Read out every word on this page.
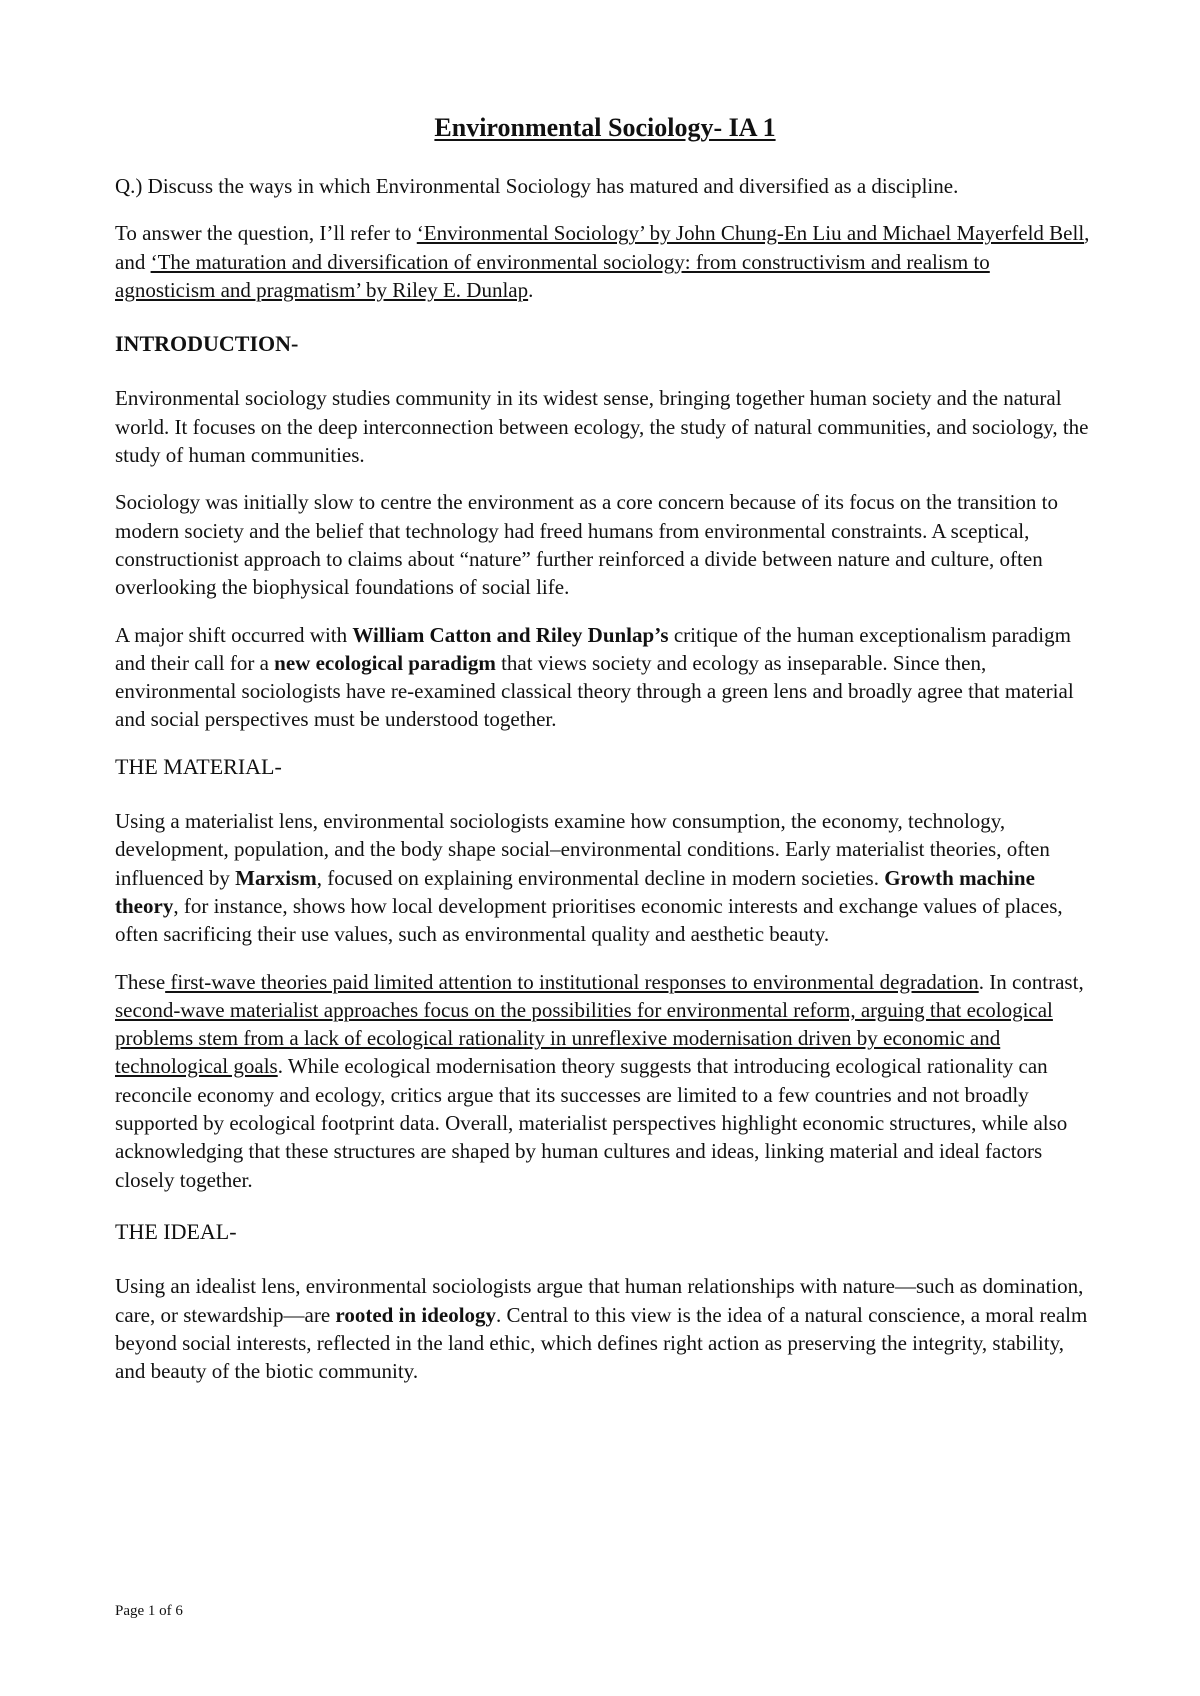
Environmental Sociology- IA 1

Q.) Discuss the ways in which Environmental Sociology has matured and diversified as a discipline.

To answer the question, I’ll refer to ‘Environmental Sociology’ by John Chung-En Liu and Michael Mayerfeld Bell, and ‘The maturation and diversification of environmental sociology: from constructivism and realism to agnosticism and pragmatism’ by Riley E. Dunlap.

INTRODUCTION-

Environmental sociology studies community in its widest sense, bringing together human society and the natural world. It focuses on the deep interconnection between ecology, the study of natural communities, and sociology, the study of human communities.

Sociology was initially slow to centre the environment as a core concern because of its focus on the transition to modern society and the belief that technology had freed humans from environmental constraints. A sceptical, constructionist approach to claims about “nature” further reinforced a divide between nature and culture, often overlooking the biophysical foundations of social life.

A major shift occurred with William Catton and Riley Dunlap’s critique of the human exceptionalism paradigm and their call for a new ecological paradigm that views society and ecology as inseparable. Since then, environmental sociologists have re-examined classical theory through a green lens and broadly agree that material and social perspectives must be understood together.

THE MATERIAL-

Using a materialist lens, environmental sociologists examine how consumption, the economy, technology, development, population, and the body shape social–environmental conditions. Early materialist theories, often influenced by Marxism, focused on explaining environmental decline in modern societies. Growth machine theory, for instance, shows how local development prioritises economic interests and exchange values of places, often sacrificing their use values, such as environmental quality and aesthetic beauty.

These first-wave theories paid limited attention to institutional responses to environmental degradation. In contrast, second-wave materialist approaches focus on the possibilities for environmental reform, arguing that ecological problems stem from a lack of ecological rationality in unreflexive modernisation driven by economic and technological goals. While ecological modernisation theory suggests that introducing ecological rationality can reconcile economy and ecology, critics argue that its successes are limited to a few countries and not broadly supported by ecological footprint data. Overall, materialist perspectives highlight economic structures, while also acknowledging that these structures are shaped by human cultures and ideas, linking material and ideal factors closely together.

THE IDEAL-

Using an idealist lens, environmental sociologists argue that human relationships with nature—such as domination, care, or stewardship—are rooted in ideology. Central to this view is the idea of a natural conscience, a moral realm beyond social interests, reflected in the land ethic, which defines right action as preserving the integrity, stability, and beauty of the biotic community.

Page 1 of 6
